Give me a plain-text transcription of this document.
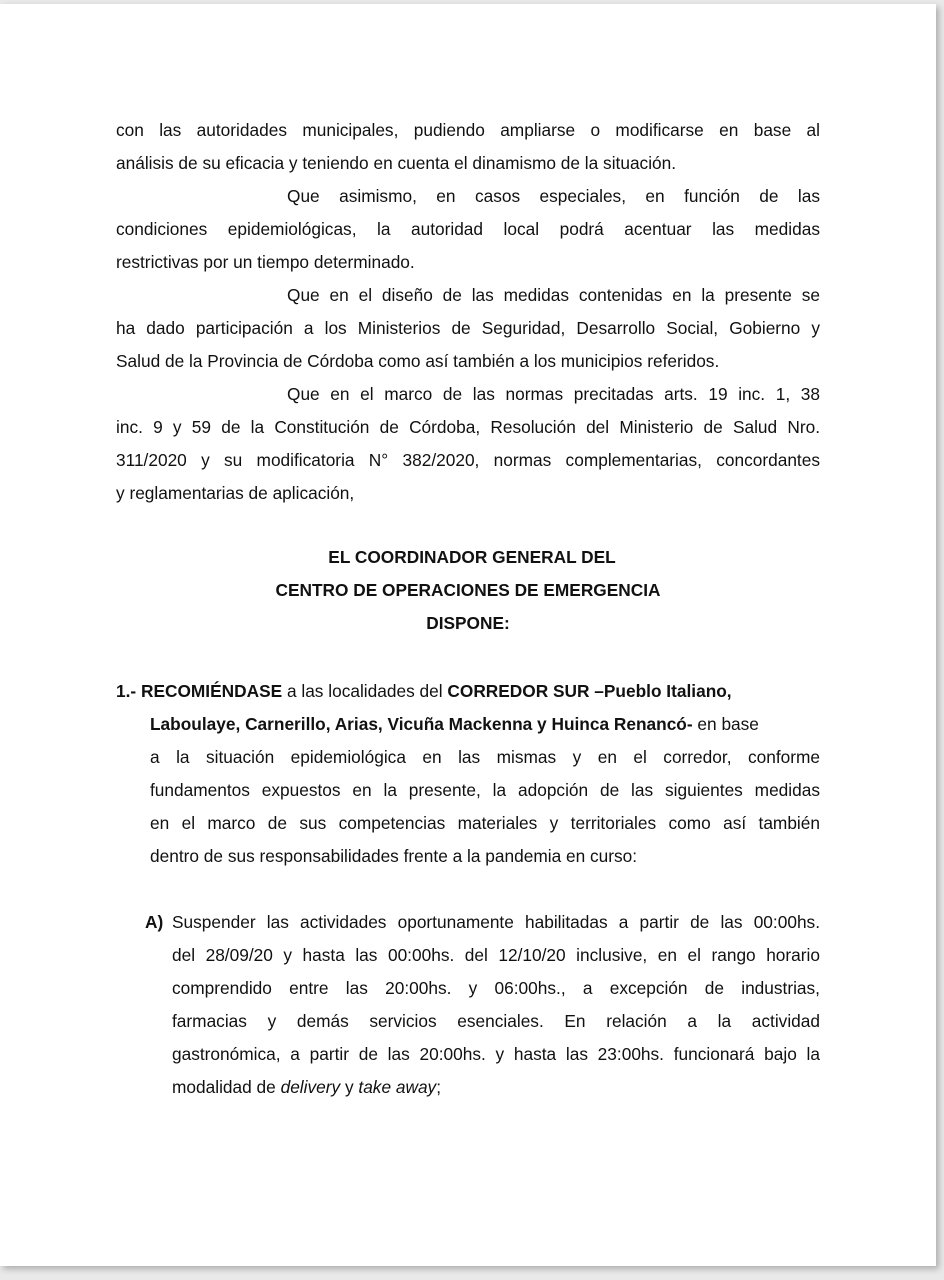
con las autoridades municipales, pudiendo ampliarse o modificarse en base al
análisis de su eficacia y teniendo en cuenta el dinamismo de la situación.
Que asimismo, en casos especiales, en función de las
condiciones epidemiológicas, la autoridad local podrá acentuar las medidas
restrictivas por un tiempo determinado.
Que en el diseño de las medidas contenidas en la presente se
ha dado participación a los Ministerios de Seguridad, Desarrollo Social, Gobierno y
Salud de la Provincia de Córdoba como así también a los municipios referidos.
Que en el marco de las normas precitadas arts. 19 inc. 1, 38
inc. 9 y 59 de la Constitución de Córdoba, Resolución del Ministerio de Salud Nro.
311/2020 y su modificatoria N° 382/2020, normas complementarias, concordantes
y reglamentarias de aplicación,
EL COORDINADOR GENERAL DEL
CENTRO DE OPERACIONES DE EMERGENCIA
DISPONE:
1.- RECOMIÉNDASE a las localidades del CORREDOR SUR –Pueblo Italiano,
Laboulaye, Carnerillo, Arias, Vicuña Mackenna y Huinca Renancó- en base
a la situación epidemiológica en las mismas y en el corredor, conforme
fundamentos expuestos en la presente, la adopción de las siguientes medidas
en el marco de sus competencias materiales y territoriales como así también
dentro de sus responsabilidades frente a la pandemia en curso:
A) Suspender las actividades oportunamente habilitadas a partir de las 00:00hs.
del 28/09/20 y hasta las 00:00hs. del 12/10/20 inclusive, en el rango horario
comprendido entre las 20:00hs. y 06:00hs., a excepción de industrias,
farmacias y demás servicios esenciales. En relación a la actividad
gastronómica, a partir de las 20:00hs. y hasta las 23:00hs. funcionará bajo la
modalidad de delivery y take away;
